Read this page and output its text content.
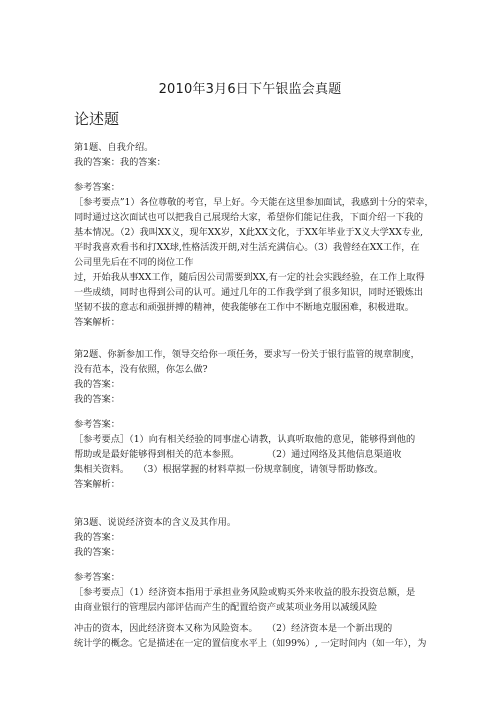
2010年3月6日下午银监会真题
论述题
第1题、自我介绍。
我的答案：我的答案：
参考答案：
［参考要点”1）各位尊敬的考官，早上好。今天能在这里参加面试，我感到十分的荣幸，
同时通过这次面试也可以把我自己展现给大家，希望你们能记住我，下面介绍一下我的
基本情况。（2）我叫XX义，现年XX岁，X此XX文化，于XX年毕业于X义大学XX专业,
平时我喜欢看书和打XX球,性格活泼开朗,对生活充满信心。（3）我曾经在XX工作，在
公司里先后在不同的岗位工作
过，开始我从事XX工作，随后因公司需要到XX,有一定的社会实践经验，在工作上取得
一些成绩，同时也得到公司的认可。通过几年的工作我学到了很多知识，同时还锻炼出
坚韧不拔的意志和顽强拼搏的精神，使我能够在工作中不断地克服困难，积极进取。
答案解析：
第2题、你新参加工作，领导交给你一项任务，要求写一份关于银行监管的规章制度，
没有范本，没有依照，你怎么做?
我的答案：
我的答案：
参考答案：
［参考要点］（1）向有相关经验的同事虚心请教，认真听取他的意见，能够得到他的
帮助或是最好能够得到相关的范本参照。　　　　（2）通过网络及其他信息渠道收
集相关资料。　　（3）根据掌握的材料草拟一份规章制度，请领导帮助修改。
答案解析：
第3题、说说经济资本的含义及其作用。
我的答案：
我的答案：
参考答案：
［参考要点］（1）经济资本指用于承担业务风险或购买外来收益的股东投资总额，是
由商业银行的管理层内部评估而产生的配置给资产或某项业务用以减缓风险
冲击的资本，因此经济资本又称为风险资本。　　（2）经济资本是一个新出现的
统计学的概念。它是描述在一定的置信度水平上（如99%）, 一定时间内（如一年），为
